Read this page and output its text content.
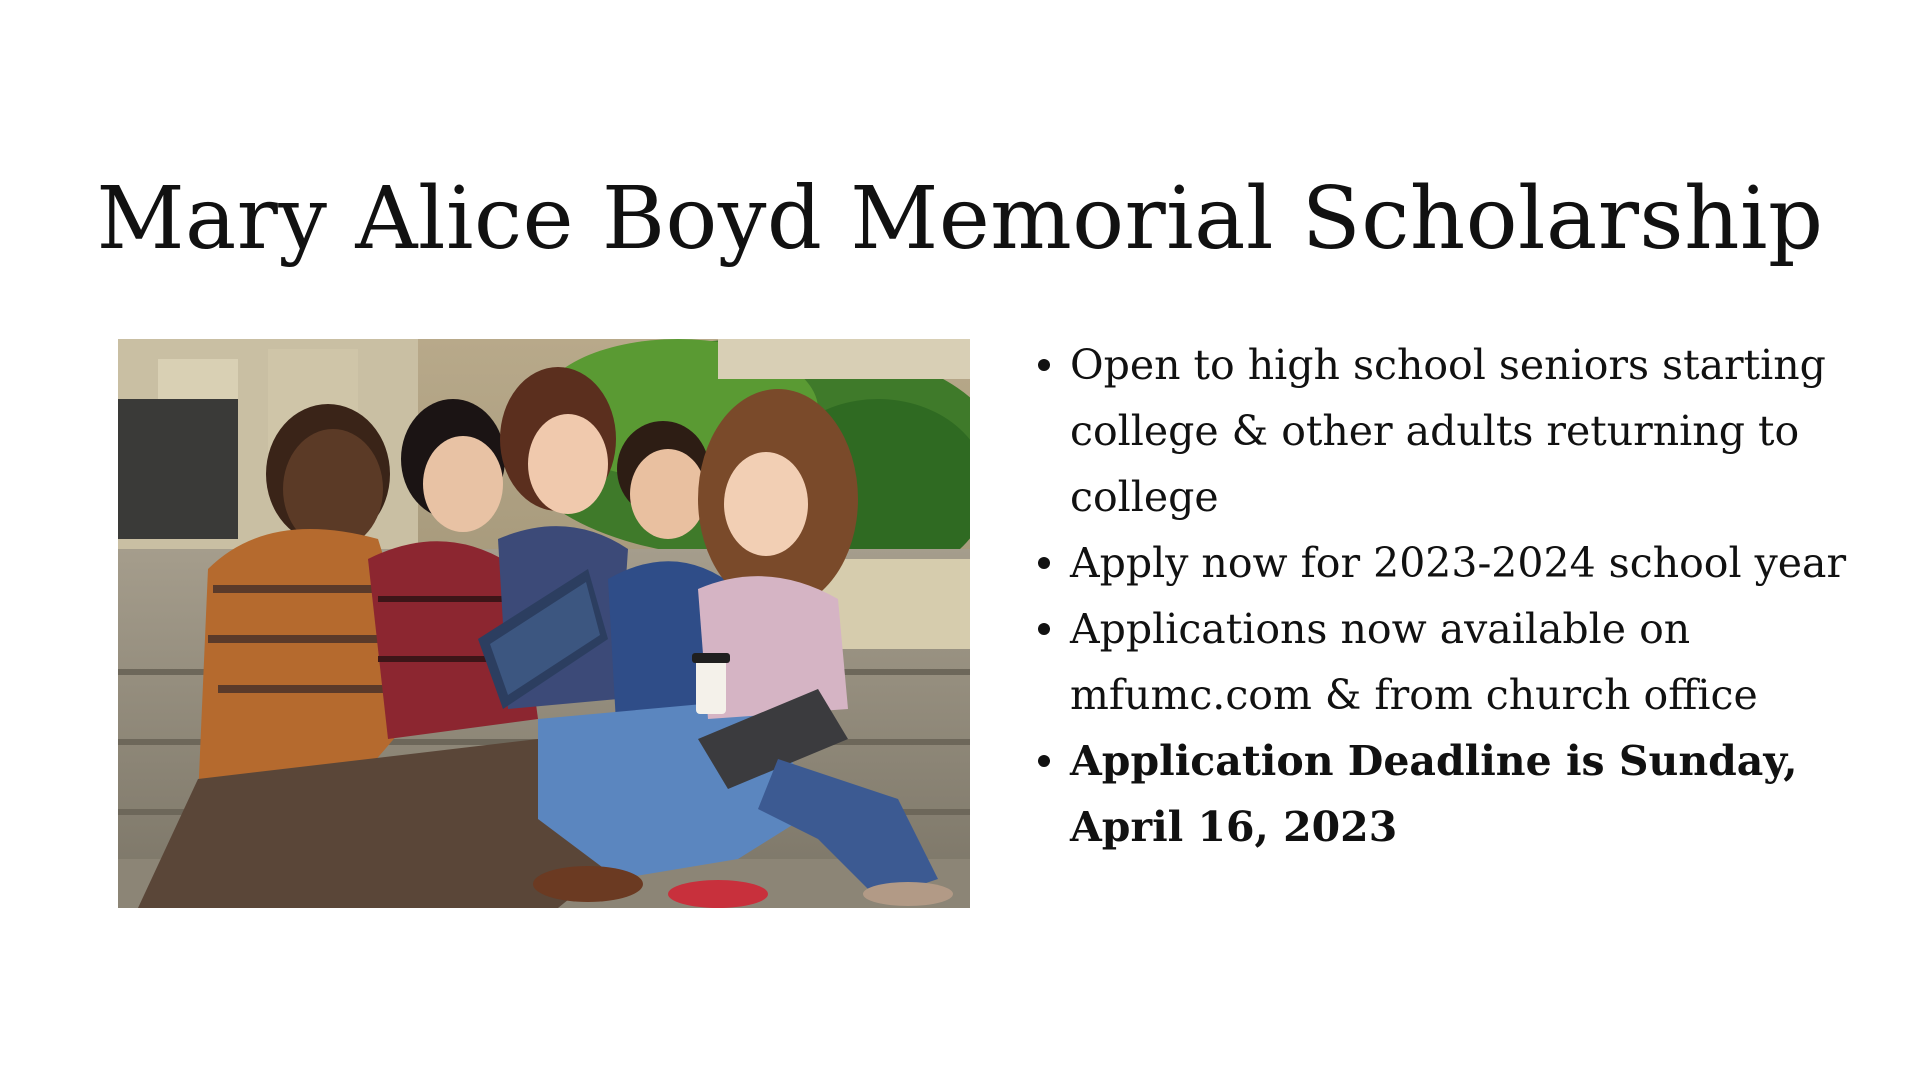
Mary Alice Boyd Memorial Scholarship
Open to high school seniors starting college & other adults returning to college
Apply now for 2023-2024 school year
Applications now available on mfumc.com & from church office
Application Deadline is Sunday, April 16, 2023
